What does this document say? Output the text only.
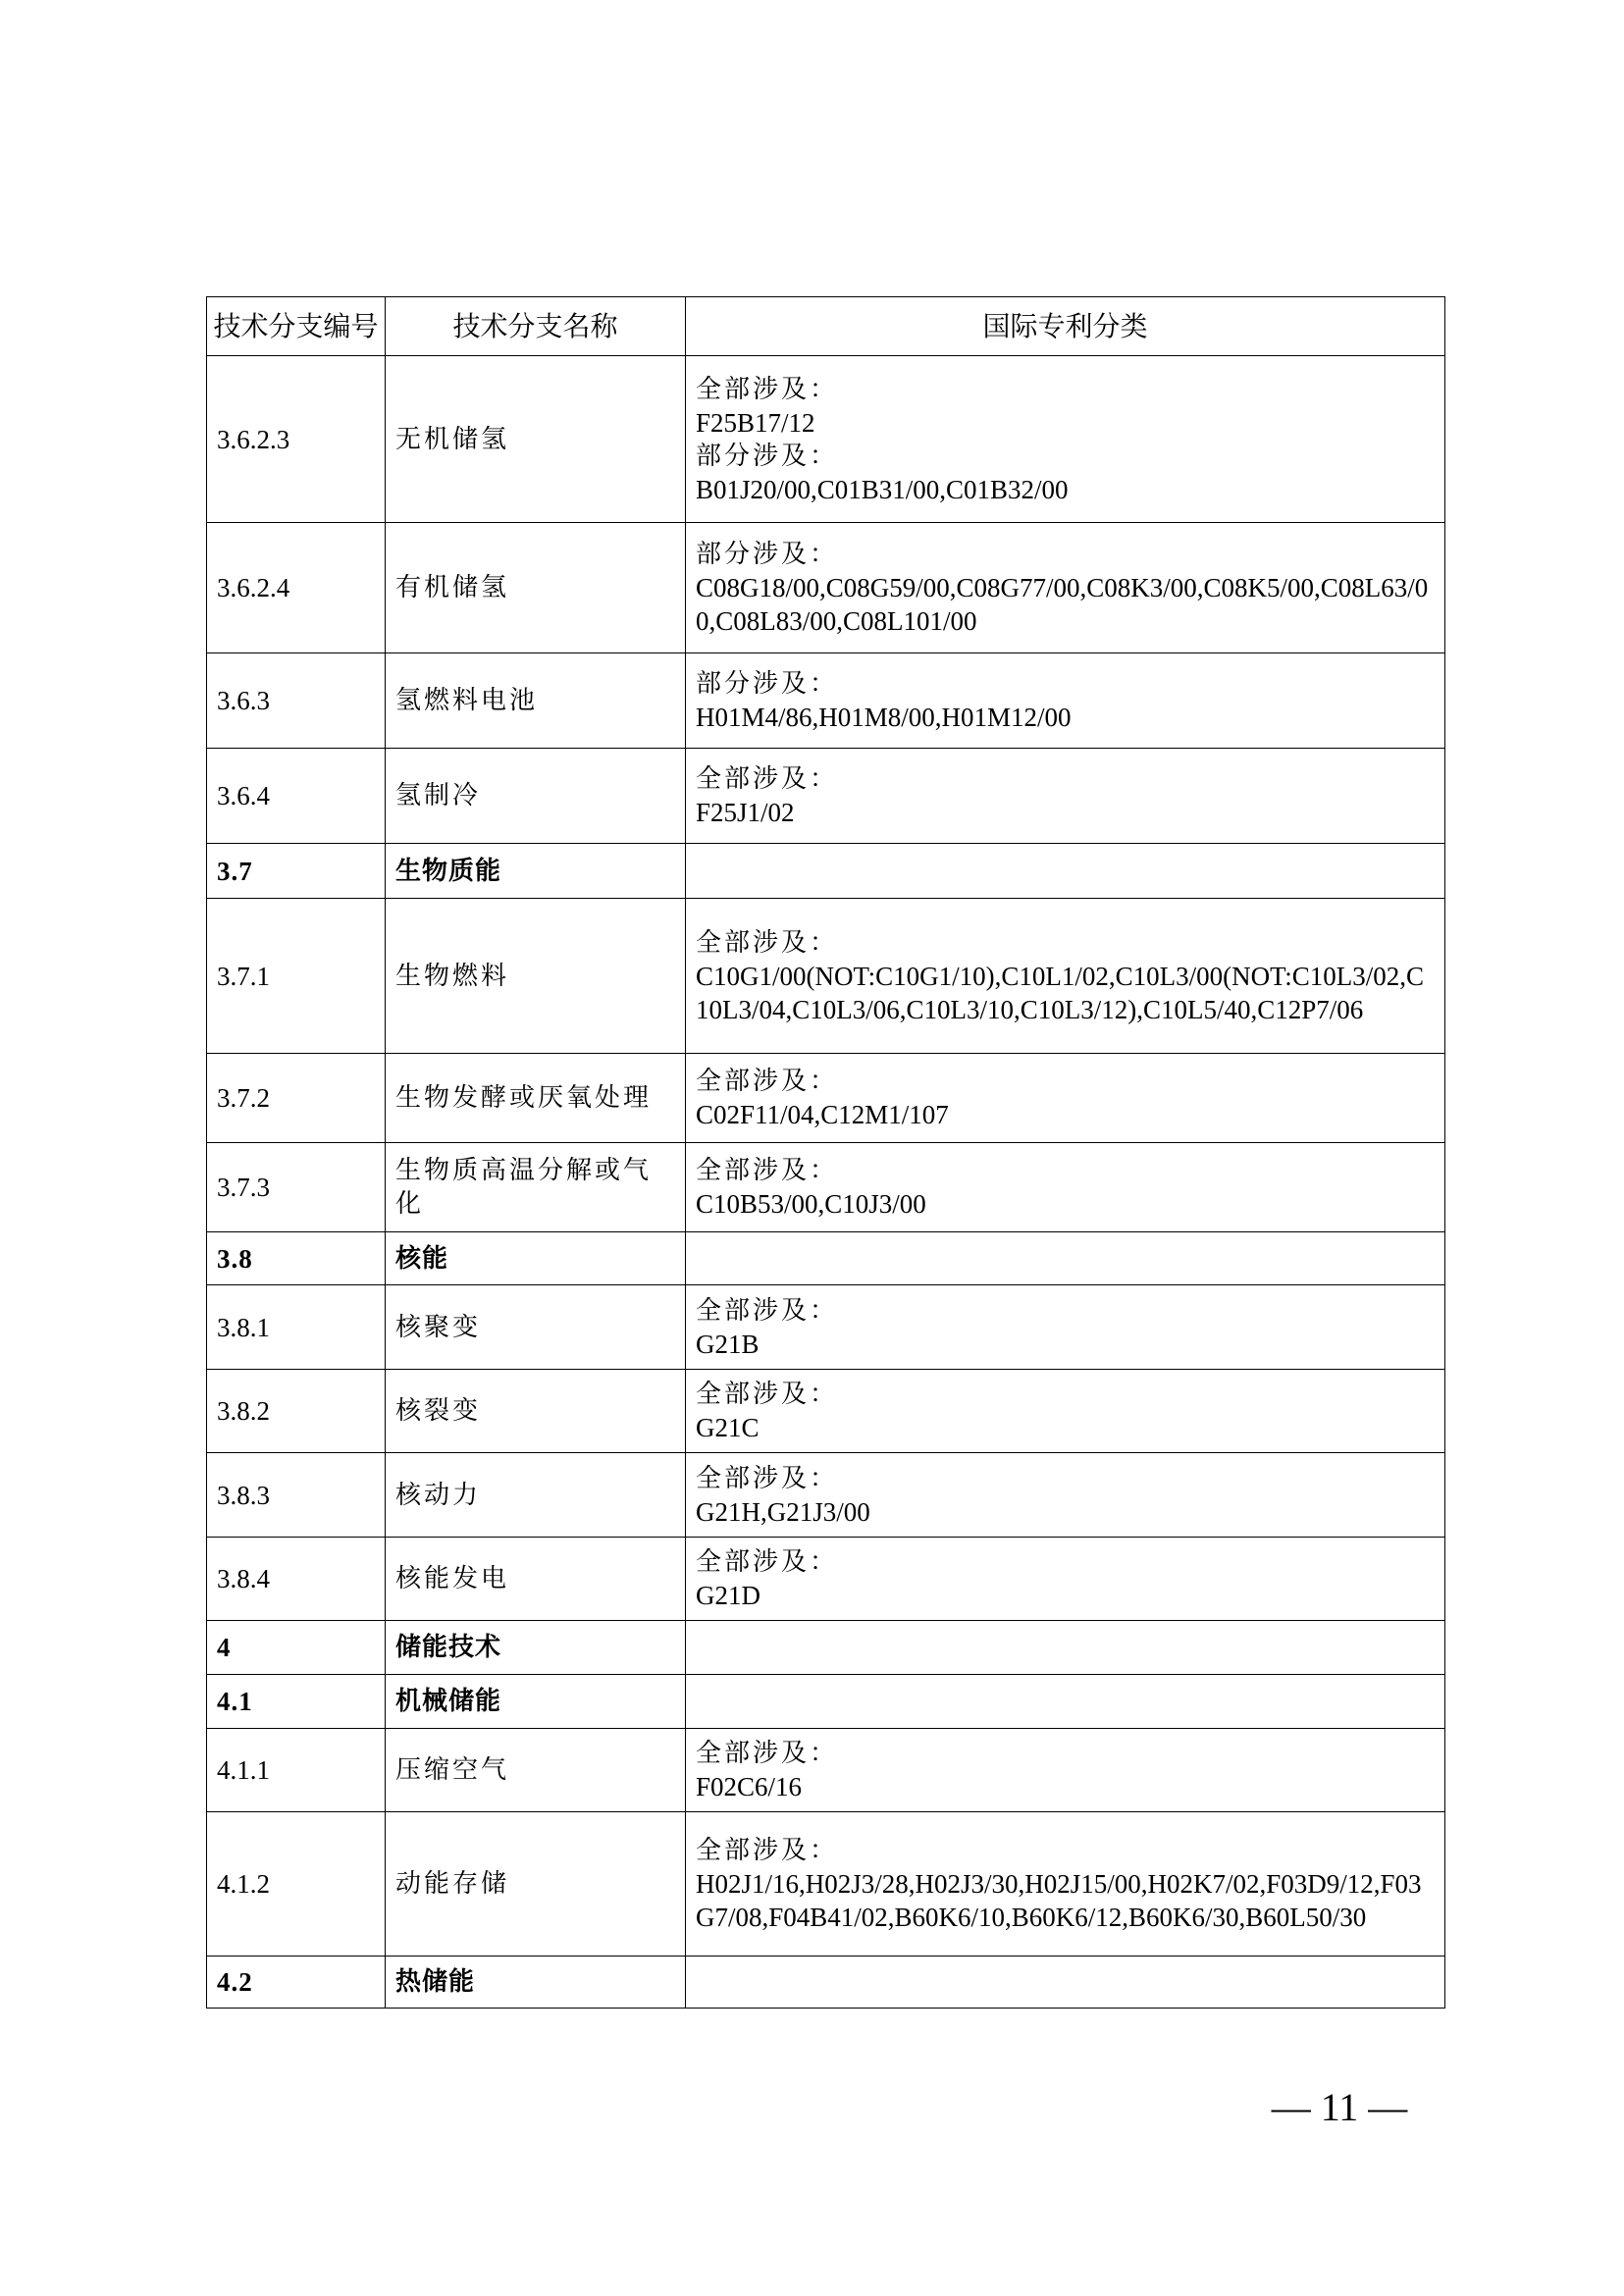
技术分支编号	技术分支名称	国际专利分类
3.6.2.3	无机储氢	全部涉及：
F25B17/12
部分涉及：
B01J20/00,C01B31/00,C01B32/00

3.6.2.4	有机储氢	部分涉及：
C08G18/00,C08G59/00,C08G77/00,C08K3/00,C08K5/00,C08L63/00,C08L83/00,C08L101/00

3.6.3	氢燃料电池	部分涉及：
H01M4/86,H01M8/00,H01M12/00

3.6.4	氢制冷	全部涉及：
F25J1/02

3.7	生物质能	
3.7.1	生物燃料	全部涉及：
C10G1/00(NOT:C10G1/10),C10L1/02,C10L3/00(NOT:C10L3/02,C10L3/04,C10L3/06,C10L3/10,C10L3/12),C10L5/40,C12P7/06

3.7.2	生物发酵或厌氧处理	全部涉及：
C02F11/04,C12M1/107

3.7.3	生物质高温分解或气化	全部涉及：
C10B53/00,C10J3/00

3.8	核能	
3.8.1	核聚变	全部涉及：
G21B

3.8.2	核裂变	全部涉及：
G21C

3.8.3	核动力	全部涉及：
G21H,G21J3/00

3.8.4	核能发电	全部涉及：
G21D

4	储能技术	
4.1	机械储能	
4.1.1	压缩空气	全部涉及：
F02C6/16

4.1.2	动能存储	全部涉及：
H02J1/16,H02J3/28,H02J3/30,H02J15/00,H02K7/02,F03D9/12,F03G7/08,F04B41/02,B60K6/10,B60K6/12,B60K6/30,B60L50/30

4.2	热储能	
— 11 —
